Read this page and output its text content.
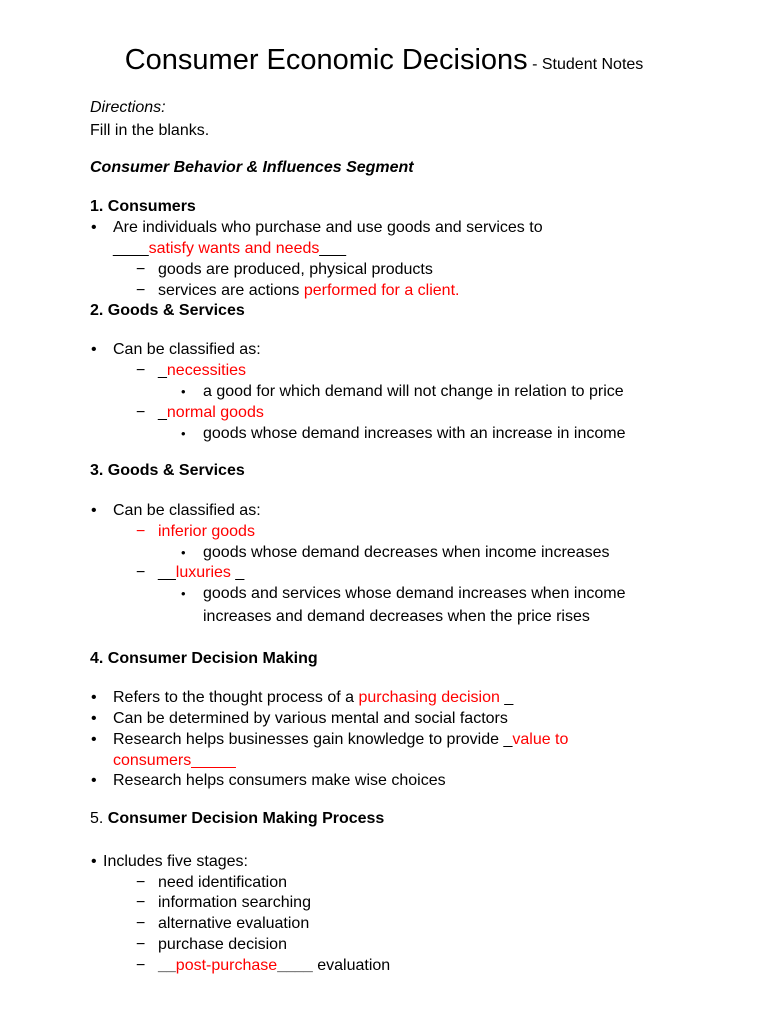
Consumer Economic Decisions - Student Notes
Directions:
Fill in the blanks.
Consumer Behavior & Influences Segment
1. Consumers
• Are individuals who purchase and use goods and services to
____satisfy wants and needs___
− goods are produced, physical products
− services are actions performed for a client.
2. Goods & Services
• Can be classified as:
− _necessities
• a good for which demand will not change in relation to price
− _normal goods
• goods whose demand increases with an increase in income
3. Goods & Services
• Can be classified as:
− inferior goods
• goods whose demand decreases when income increases
− __luxuries _
• goods and services whose demand increases when income
increases and demand decreases when the price rises
4. Consumer Decision Making
• Refers to the thought process of a purchasing decision _
• Can be determined by various mental and social factors
• Research helps businesses gain knowledge to provide _value to
consumers_____
• Research helps consumers make wise choices
5. Consumer Decision Making Process
• Includes five stages:
− need identification
− information searching
− alternative evaluation
− purchase decision
− __post-purchase____ evaluation
